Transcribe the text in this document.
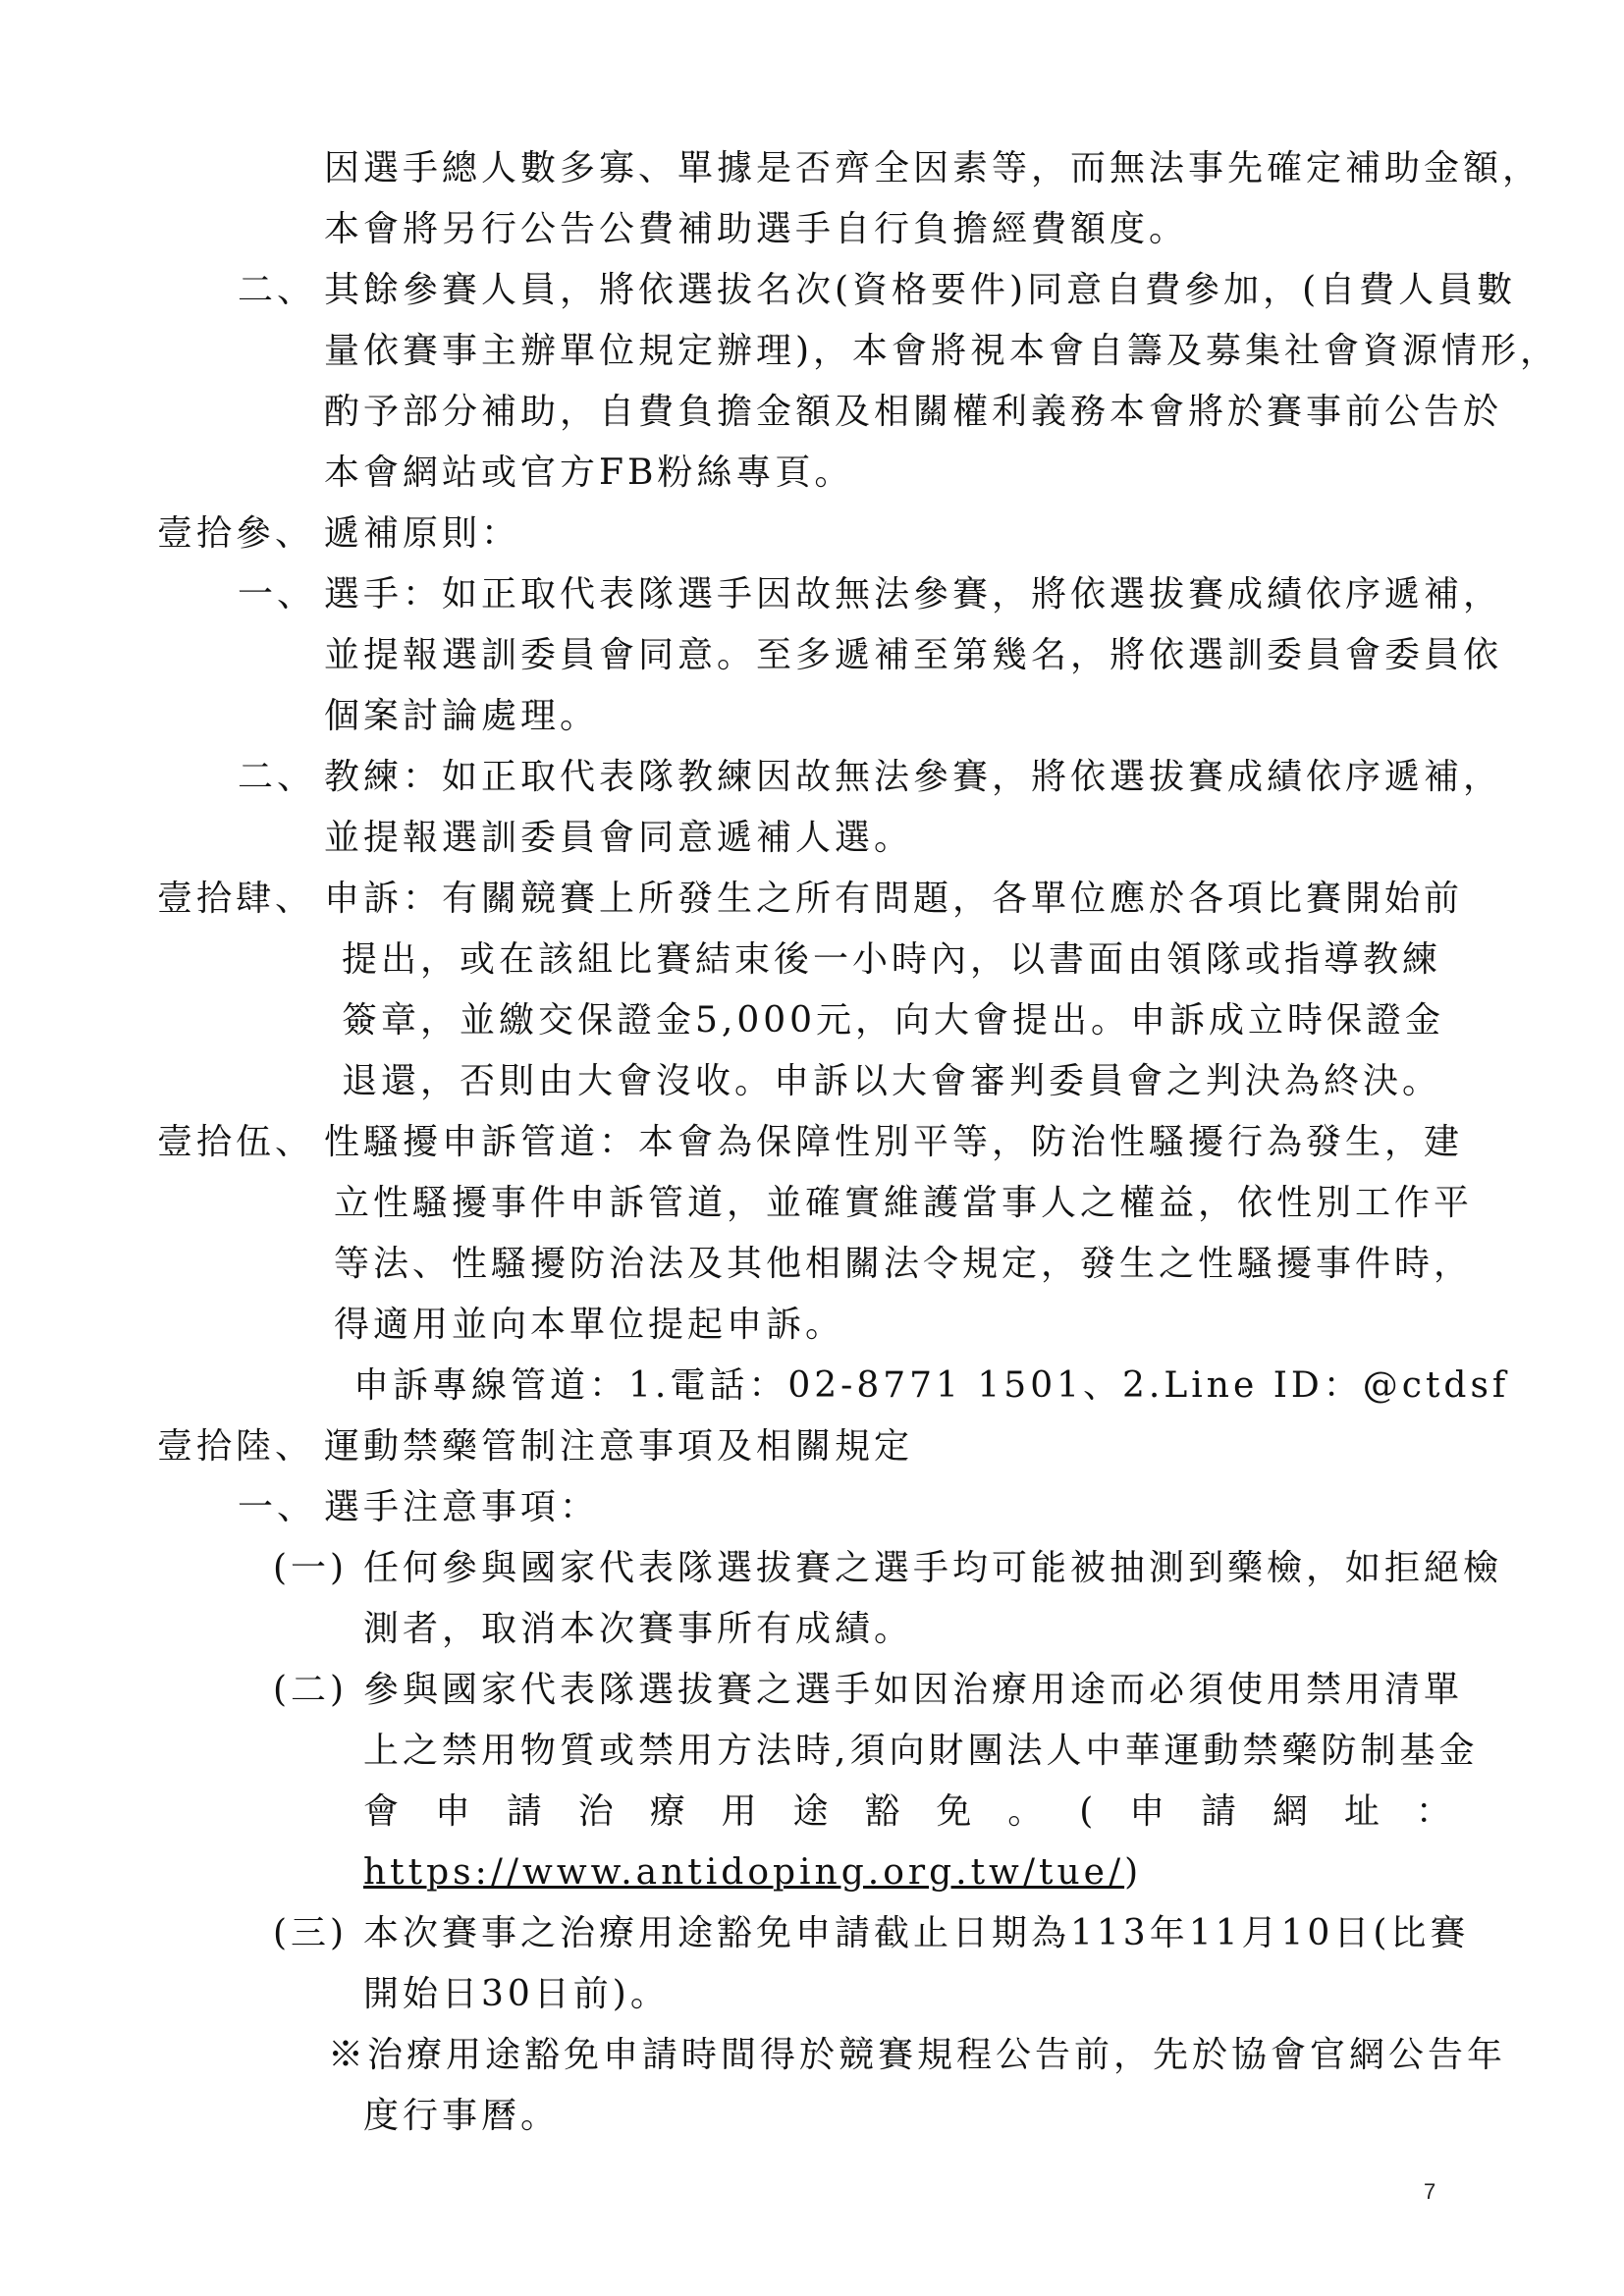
因選手總人數多寡、單據是否齊全因素等，而無法事先確定補助金額，
本會將另行公告公費補助選手自行負擔經費額度。
二、 其餘參賽人員，將依選拔名次(資格要件)同意自費參加，(自費人員數
量依賽事主辦單位規定辦理)，本會將視本會自籌及募集社會資源情形，
酌予部分補助，自費負擔金額及相關權利義務本會將於賽事前公告於
本會網站或官方FB粉絲專頁。
壹拾參、 遞補原則：
一、 選手：如正取代表隊選手因故無法參賽，將依選拔賽成績依序遞補，
並提報選訓委員會同意。至多遞補至第幾名，將依選訓委員會委員依
個案討論處理。
二、 教練：如正取代表隊教練因故無法參賽，將依選拔賽成績依序遞補，
並提報選訓委員會同意遞補人選。
壹拾肆、 申訴：有關競賽上所發生之所有問題，各單位應於各項比賽開始前
提出，或在該組比賽結束後一小時內，以書面由領隊或指導教練
簽章，並繳交保證金5,000元，向大會提出。申訴成立時保證金
退還，否則由大會沒收。申訴以大會審判委員會之判決為終決。
壹拾伍、 性騷擾申訴管道：本會為保障性別平等，防治性騷擾行為發生，建
立性騷擾事件申訴管道，並確實維護當事人之權益，依性別工作平
等法、性騷擾防治法及其他相關法令規定，發生之性騷擾事件時，
得適用並向本單位提起申訴。
申訴專線管道：1.電話：02-8771 1501、2.Line ID：@ctdsf
壹拾陸、 運動禁藥管制注意事項及相關規定
一、 選手注意事項：
(一) 任何參與國家代表隊選拔賽之選手均可能被抽測到藥檢，如拒絕檢
測者，取消本次賽事所有成績。
(二) 參與國家代表隊選拔賽之選手如因治療用途而必須使用禁用清單
上之禁用物質或禁用方法時,須向財團法人中華運動禁藥防制基金
會 申 請 治 療 用 途 豁 免 。 ( 申 請 網 址 ：
https://www.antidoping.org.tw/tue/)
(三) 本次賽事之治療用途豁免申請截止日期為113年11月10日(比賽
開始日30日前)。
※治療用途豁免申請時間得於競賽規程公告前，先於協會官網公告年
度行事曆。
7
